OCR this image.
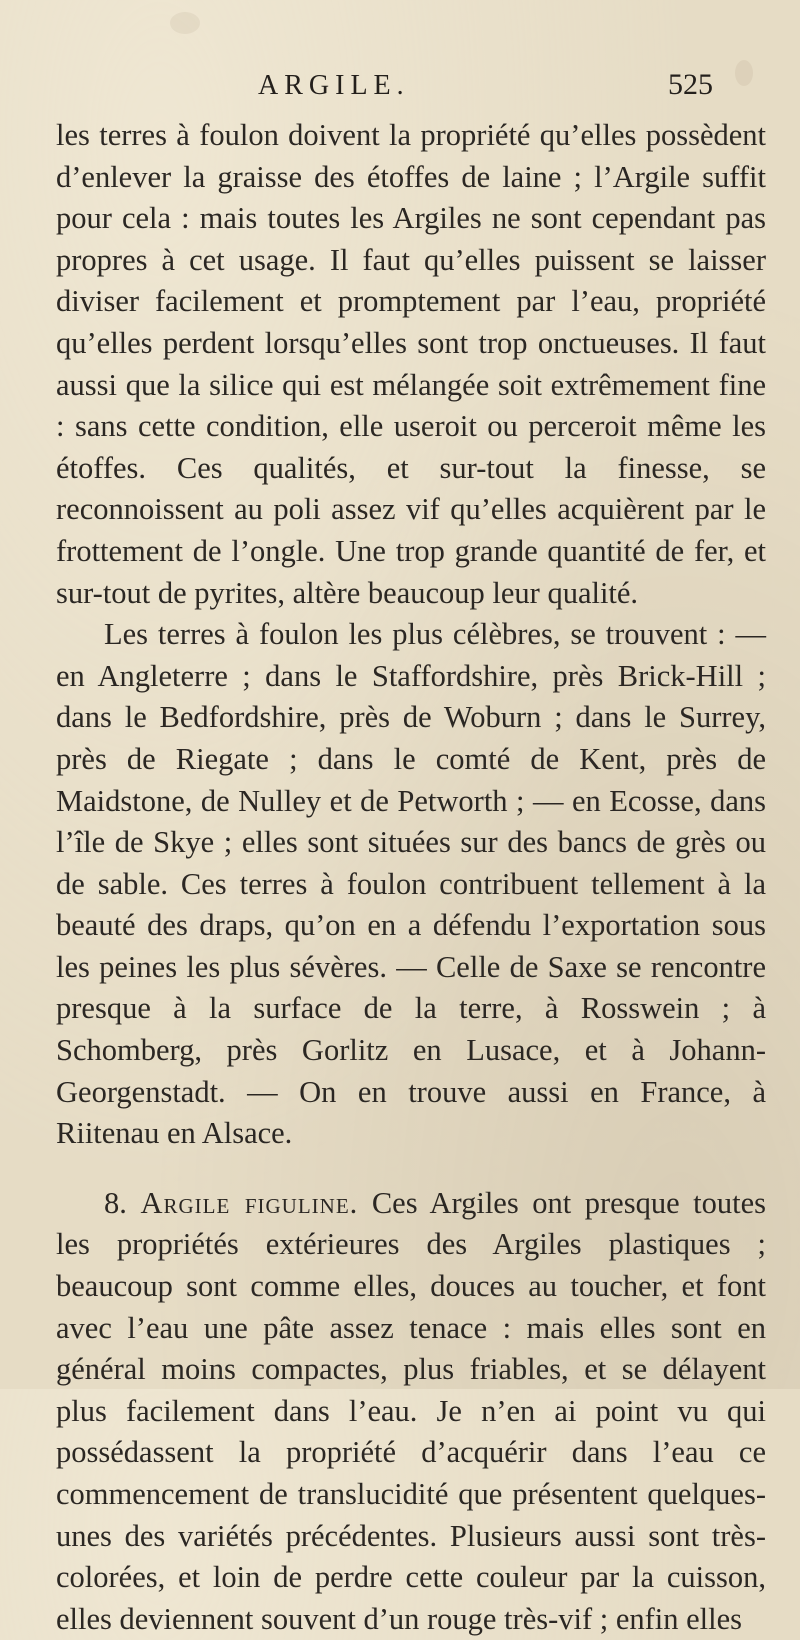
ARGILE.	525

les terres à foulon doivent la propriété qu’elles possèdent d’enlever la graisse des étoffes de laine ; l’Argile suffit pour cela : mais toutes les Argiles ne sont cependant pas propres à cet usage. Il faut qu’elles puissent se laisser diviser facilement et promptement par l’eau, propriété qu’elles perdent lorsqu’elles sont trop onctueuses. Il faut aussi que la silice qui est mélangée soit extrêmement fine : sans cette condition, elle useroit ou perceroit même les étoffes. Ces qualités, et sur-tout la finesse, se reconnoissent au poli assez vif qu’elles acquièrent par le frottement de l’ongle. Une trop grande quantité de fer, et sur-tout de pyrites, altère beaucoup leur qualité.

Les terres à foulon les plus célèbres, se trouvent : — en Angleterre ; dans le Staffordshire, près Brick-Hill ; dans le Bedfordshire, près de Woburn ; dans le Surrey, près de Riegate ; dans le comté de Kent, près de Maidstone, de Nulley et de Petworth ; — en Ecosse, dans l’île de Skye ; elles sont situées sur des bancs de grès ou de sable. Ces terres à foulon contribuent tellement à la beauté des draps, qu’on en a défendu l’exportation sous les peines les plus sévères. — Celle de Saxe se rencontre presque à la surface de la terre, à Rosswein ; à Schomberg, près Gorlitz en Lusace, et à Johann-Georgenstadt. — On en trouve aussi en France, à Riitenau en Alsace.

8. Argile figuline. Ces Argiles ont presque toutes les propriétés extérieures des Argiles plastiques ; beaucoup sont comme elles, douces au toucher, et font avec l’eau une pâte assez tenace : mais elles sont en général moins compactes, plus friables, et se délayent plus facilement dans l’eau. Je n’en ai point vu qui possédassent la propriété d’acquérir dans l’eau ce commencement de translucidité que présentent quelques-unes des variétés précédentes. Plusieurs aussi sont très-colorées, et loin de perdre cette couleur par la cuisson, elles deviennent souvent d’un rouge très-vif ; enfin elles
